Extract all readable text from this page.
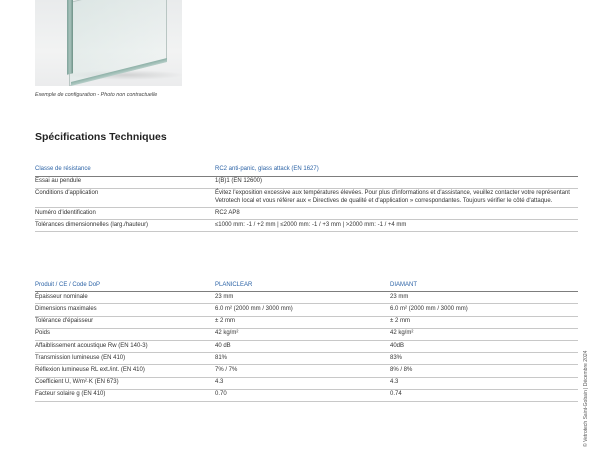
Exemple de configuration - Photo non contractuelle
Spécifications Techniques
Classe de résistance	RC2 anti-panic, glass attack (EN 1627)
Essai au pendule	1(B)1 (EN 12600)
Conditions d'application	Évitez l'exposition excessive aux températures élevées. Pour plus d'informations et d'assistance, veuillez contacter votre représentant Vetrotech local et vous référer aux « Directives de qualité et d'application » correspondantes. Toujours vérifier le côté d'attaque.
Numéro d'identification	RC2 AP8
Tolérances dimensionnelles (larg./hauteur)	≤1000 mm: -1 / +2 mm | ≤2000 mm: -1 / +3 mm | >2000 mm: -1 / +4 mm
Produit / CE / Code DoP	PLANICLEAR	DIAMANT
Épaisseur nominale	23 mm	23 mm
Dimensions maximales	6.0 m² (2000 mm / 3000 mm)	6.0 m² (2000 mm / 3000 mm)
Tolérance d'épaisseur	± 2 mm	± 2 mm
Poids	42 kg/m²	42 kg/m²
Affaiblissement acoustique Rw (EN 140-3)	40 dB	40dB
Transmission lumineuse (EN 410)	81%	83%
Réflexion lumineuse RL ext./int. (EN 410)	7% / 7%	8% / 8%
Coefficient U, W/m²·K (EN 673)	4.3	4.3
Facteur solaire g (EN 410)	0.70	0.74	© Vetrotech Saint-Gobain | Décembre 2024
